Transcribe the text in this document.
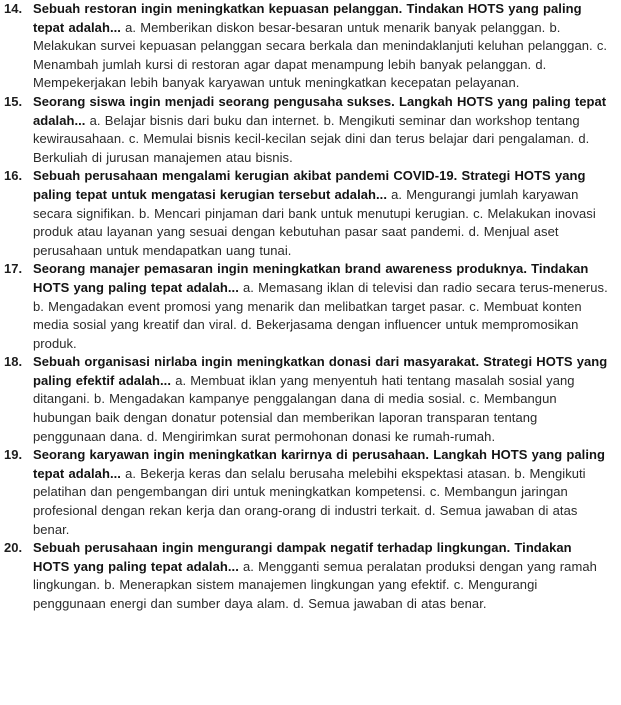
14. Sebuah restoran ingin meningkatkan kepuasan pelanggan. Tindakan HOTS yang paling tepat adalah... a. Memberikan diskon besar-besaran untuk menarik banyak pelanggan. b. Melakukan survei kepuasan pelanggan secara berkala dan menindaklanjuti keluhan pelanggan. c. Menambah jumlah kursi di restoran agar dapat menampung lebih banyak pelanggan. d. Mempekerjakan lebih banyak karyawan untuk meningkatkan kecepatan pelayanan.
15. Seorang siswa ingin menjadi seorang pengusaha sukses. Langkah HOTS yang paling tepat adalah... a. Belajar bisnis dari buku dan internet. b. Mengikuti seminar dan workshop tentang kewirausahaan. c. Memulai bisnis kecil-kecilan sejak dini dan terus belajar dari pengalaman. d. Berkuliah di jurusan manajemen atau bisnis.
16. Sebuah perusahaan mengalami kerugian akibat pandemi COVID-19. Strategi HOTS yang paling tepat untuk mengatasi kerugian tersebut adalah... a. Mengurangi jumlah karyawan secara signifikan. b. Mencari pinjaman dari bank untuk menutupi kerugian. c. Melakukan inovasi produk atau layanan yang sesuai dengan kebutuhan pasar saat pandemi. d. Menjual aset perusahaan untuk mendapatkan uang tunai.
17. Seorang manajer pemasaran ingin meningkatkan brand awareness produknya. Tindakan HOTS yang paling tepat adalah... a. Memasang iklan di televisi dan radio secara terus-menerus. b. Mengadakan event promosi yang menarik dan melibatkan target pasar. c. Membuat konten media sosial yang kreatif dan viral. d. Bekerjasama dengan influencer untuk mempromosikan produk.
18. Sebuah organisasi nirlaba ingin meningkatkan donasi dari masyarakat. Strategi HOTS yang paling efektif adalah... a. Membuat iklan yang menyentuh hati tentang masalah sosial yang ditangani. b. Mengadakan kampanye penggalangan dana di media sosial. c. Membangun hubungan baik dengan donatur potensial dan memberikan laporan transparan tentang penggunaan dana. d. Mengirimkan surat permohonan donasi ke rumah-rumah.
19. Seorang karyawan ingin meningkatkan karirnya di perusahaan. Langkah HOTS yang paling tepat adalah... a. Bekerja keras dan selalu berusaha melebihi ekspektasi atasan. b. Mengikuti pelatihan dan pengembangan diri untuk meningkatkan kompetensi. c. Membangun jaringan profesional dengan rekan kerja dan orang-orang di industri terkait. d. Semua jawaban di atas benar.
20. Sebuah perusahaan ingin mengurangi dampak negatif terhadap lingkungan. Tindakan HOTS yang paling tepat adalah... a. Mengganti semua peralatan produksi dengan yang ramah lingkungan. b. Menerapkan sistem manajemen lingkungan yang efektif. c. Mengurangi penggunaan energi dan sumber daya alam. d. Semua jawaban di atas benar.
